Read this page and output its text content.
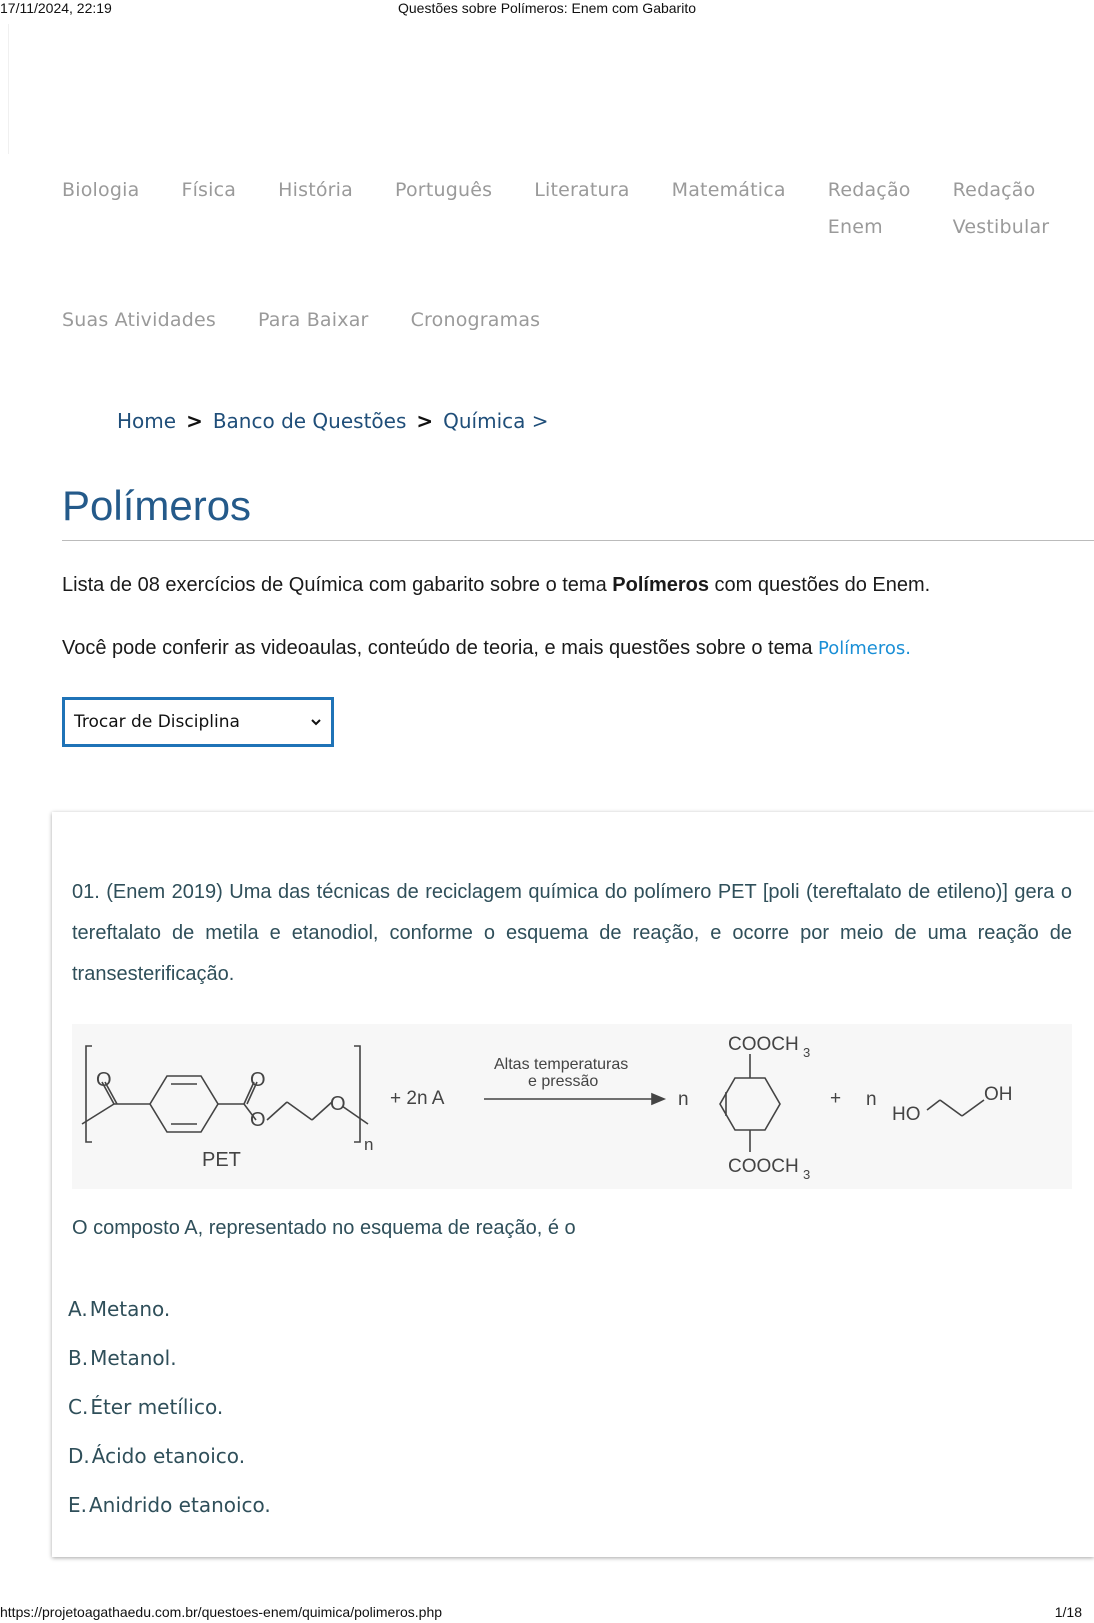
17/11/2024, 22:19	Questões sobre Polímeros: Enem com Gabarito
Biologia Física História Português Literatura Matemática Redação
Enem
Redação
Vestibular
Suas Atividades Para Baixar Cronogramas
Home > Banco de Questões > Química >
Polímeros
Lista de 08 exercícios de Química com gabarito sobre o tema Polímeros com questões do Enem.
Você pode conferir as videoaulas, conteúdo de teoria, e mais questões sobre o tema Polímeros.
Trocar de Disciplina
01. (Enem 2019) Uma das técnicas de reciclagem química do polímero PET [poli (tereftalato de etileno)] gera o tereftalato de metila e etanodiol, conforme o esquema de reação, e ocorre por meio de uma reação de transesterificação.
O	O
O
O
PET
n
+ 2n A
Altas temperaturas
e pressão
n
COOCH 3
COOCH 3
+ n
HO
OH
O composto A, representado no esquema de reação, é o
A. Metano.
B. Metanol.
C. Éter metílico.
D. Ácido etanoico.
E. Anidrido etanoico.
https://projetoagathaedu.com.br/questoes-enem/quimica/polimeros.php	1/18
